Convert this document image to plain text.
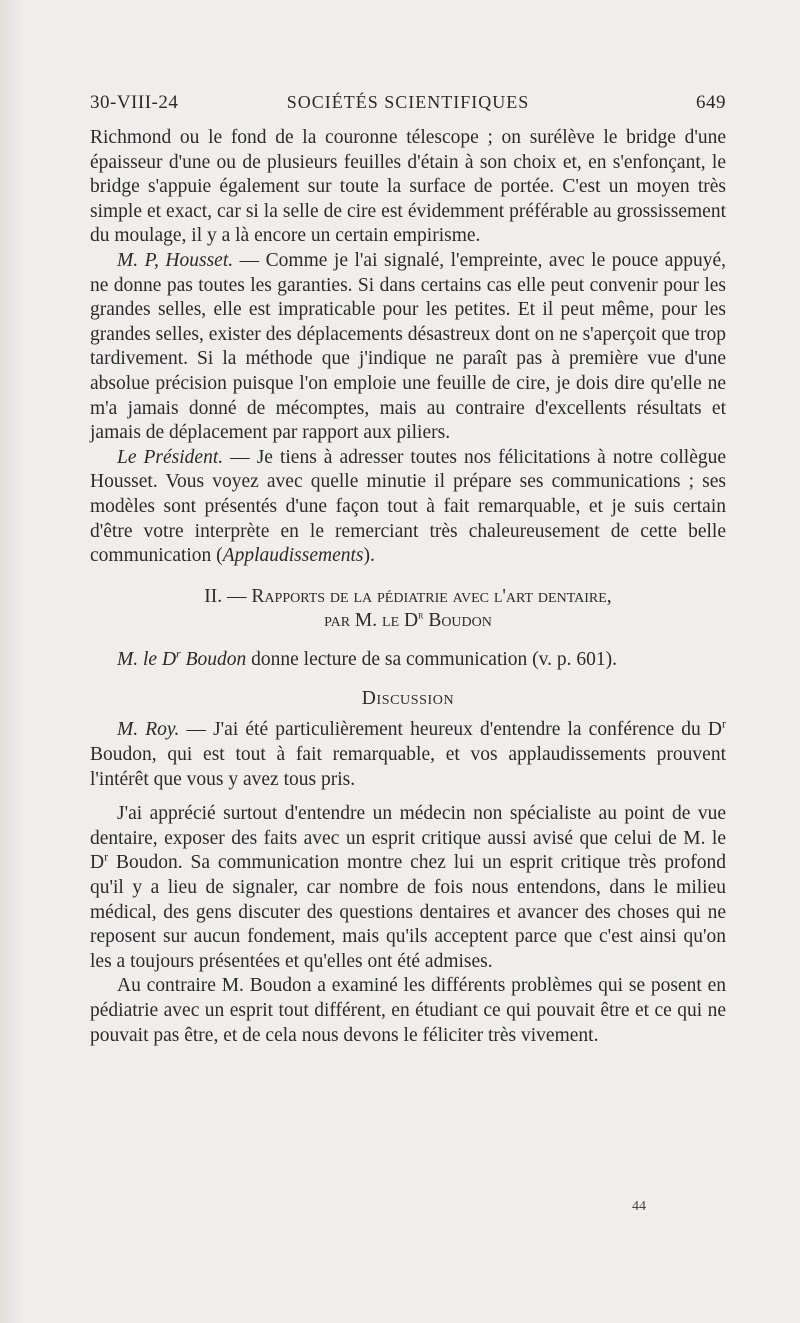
30-VIII-24	SOCIÉTÉS SCIENTIFIQUES	649

Richmond ou le fond de la couronne télescope ; on surélève le bridge d'une épaisseur d'une ou de plusieurs feuilles d'étain à son choix et, en s'enfonçant, le bridge s'appuie également sur toute la surface de portée. C'est un moyen très simple et exact, car si la selle de cire est évidemment préférable au grossissement du moulage, il y a là encore un certain empirisme.

M. P, Housset. — Comme je l'ai signalé, l'empreinte, avec le pouce appuyé, ne donne pas toutes les garanties. Si dans certains cas elle peut convenir pour les grandes selles, elle est impraticable pour les petites. Et il peut même, pour les grandes selles, exister des déplacements désastreux dont on ne s'aperçoit que trop tardivement. Si la méthode que j'indique ne paraît pas à première vue d'une absolue précision puisque l'on emploie une feuille de cire, je dois dire qu'elle ne m'a jamais donné de mécomptes, mais au contraire d'excellents résultats et jamais de déplacement par rapport aux piliers.

Le Président. — Je tiens à adresser toutes nos félicitations à notre collègue Housset. Vous voyez avec quelle minutie il prépare ses communications ; ses modèles sont présentés d'une façon tout à fait remarquable, et je suis certain d'être votre interprète en le remerciant très chaleureusement de cette belle communication (Applaudissements).

II. — Rapports de la pédiatrie avec l'art dentaire,
par M. le $D^r$ Boudon
M. le $D^r$ Boudon donne lecture de sa communication (v. p. 601).
Discussion

M. Roy. — J'ai été particulièrement heureux d'entendre la conférence du $D^r$ Boudon, qui est tout à fait remarquable, et vos applaudissements prouvent l'intérêt que vous y avez tous pris.

J'ai apprécié surtout d'entendre un médecin non spécialiste au point de vue dentaire, exposer des faits avec un esprit critique aussi avisé que celui de M. le $D^r$ Boudon. Sa communication montre chez lui un esprit critique très profond qu'il y a lieu de signaler, car nombre de fois nous entendons, dans le milieu médical, des gens discuter des questions dentaires et avancer des choses qui ne reposent sur aucun fondement, mais qu'ils acceptent parce que c'est ainsi qu'on les a toujours présentées et qu'elles ont été admises.

Au contraire M. Boudon a examiné les différents problèmes qui se posent en pédiatrie avec un esprit tout différent, en étudiant ce qui pouvait être et ce qui ne pouvait pas être, et de cela nous devons le féliciter très vivement.

44
